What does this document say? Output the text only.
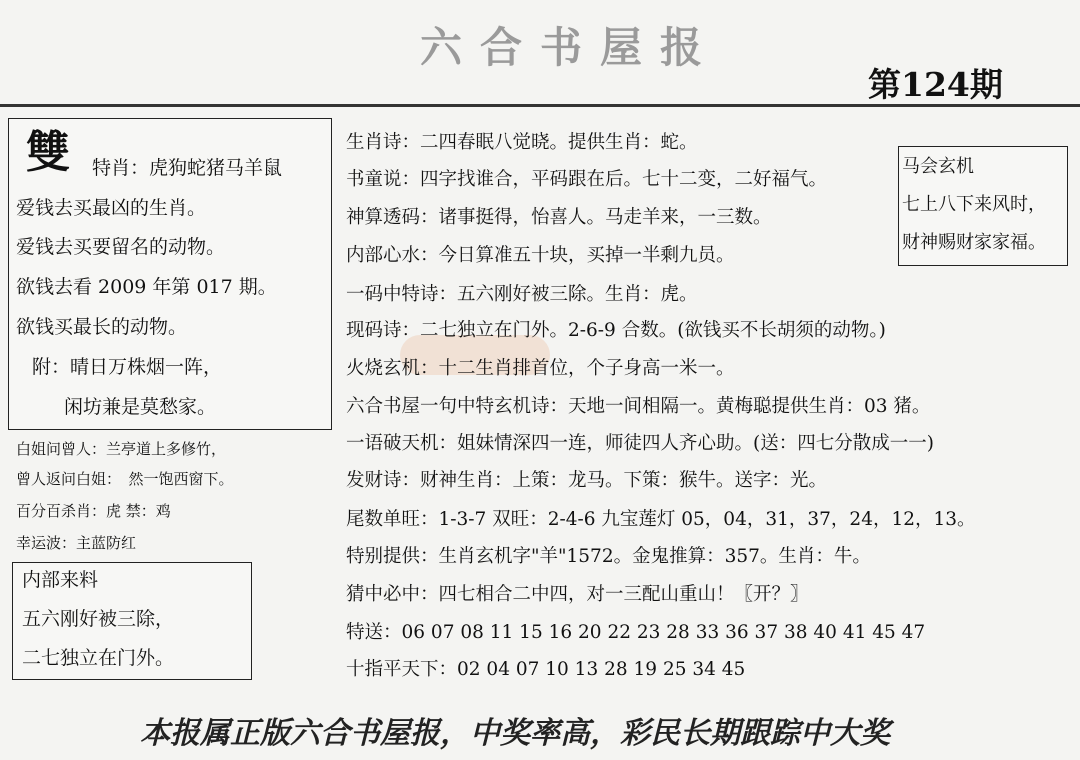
六合书屋报
第124期
雙	特肖：虎狗蛇猪马羊鼠
爱钱去买最凶的生肖。
爱钱去买要留名的动物。
欲钱去看 2009 年第 017 期。
欲钱买最长的动物。
附：晴日万株烟一阵，
闲坊兼是莫愁家。
白姐问曾人：兰亭道上多修竹，
曾人返问白姐：　然一饱西窗下。
百分百杀肖：虎 禁：鸡
幸运波：主蓝防红
内部来料
五六刚好被三除，
二七独立在门外。
马会玄机
七上八下来风时，
财神赐财家家福。
生肖诗：二四春眠八觉晓。提供生肖：蛇。
书童说：四字找谁合，平码跟在后。七十二变，二好福气。
神算透码：诸事挺得，怡喜人。马走羊来，一三数。
内部心水：今日算准五十块，买掉一半剩九员。
一码中特诗：五六刚好被三除。生肖：虎。
现码诗：二七独立在门外。2-6-9 合数。(欲钱买不长胡须的动物。)
火烧玄机：十二生肖排首位，个子身高一米一。
六合书屋一句中特玄机诗：天地一间相隔一。黄梅聪提供生肖：03 猪。
一语破天机：姐妹情深四一连，师徒四人齐心助。(送：四七分散成一一)
发财诗：财神生肖：上策：龙马。下策：猴牛。送字：光。
尾数单旺：1-3-7 双旺：2-4-6 九宝莲灯 05，04，31，37，24，12，13。
特别提供：生肖玄机字"羊"1572。金鬼推算：357。生肖：牛。
猜中必中：四七相合二中四，对一三配山重山！〖开？〗
特送：06 07 08 11 15 16 20 22 23 28 33 36 37 38 40 41 45 47
十指平天下：02 04 07 10 13 28 19 25 34 45
本报属正版六合书屋报，中奖率高，彩民长期跟踪中大奖
